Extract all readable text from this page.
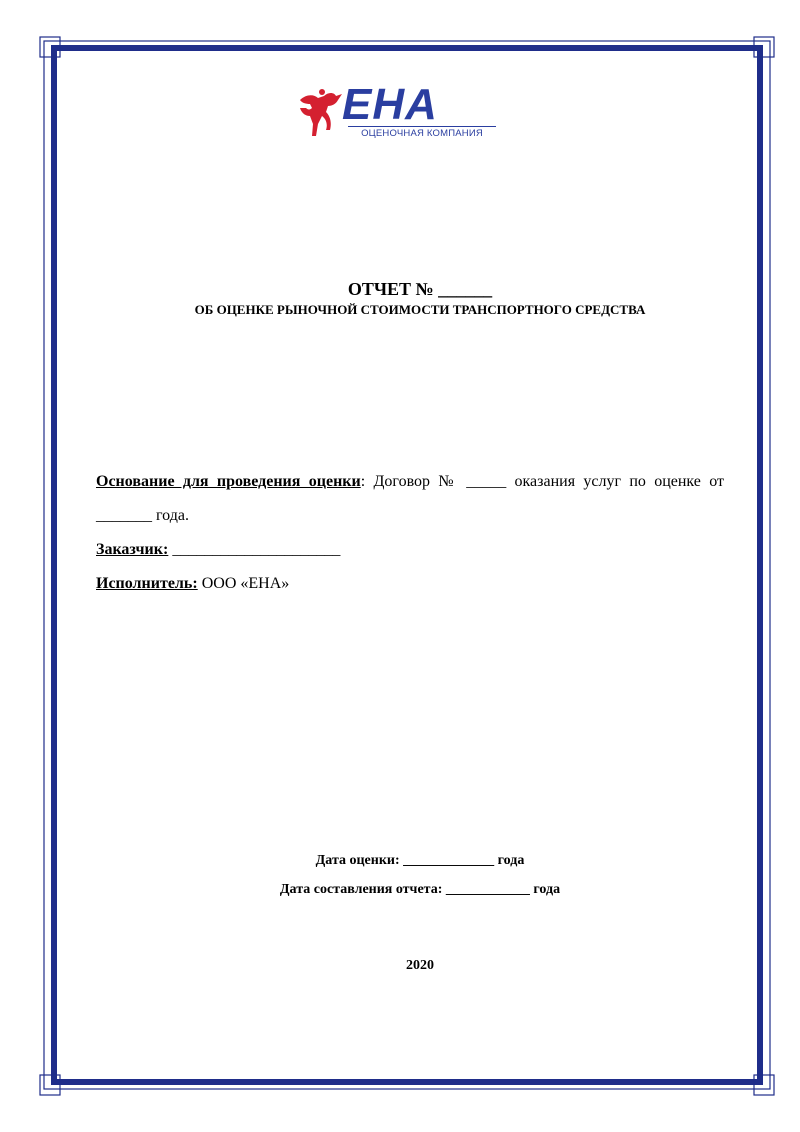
ЕНА
ОЦЕНОЧНАЯ КОМПАНИЯ
ОТЧЕТ № ______
ОБ ОЦЕНКЕ РЫНОЧНОЙ СТОИМОСТИ ТРАНСПОРТНОГО СРЕДСТВА
Основание для проведения оценки: Договор № _____ оказания услуг по оценке от _______ года.
Заказчик: _____________________
Исполнитель: ООО «ЕНА»
Дата оценки: _____________ года
Дата составления отчета: ____________ года
2020
